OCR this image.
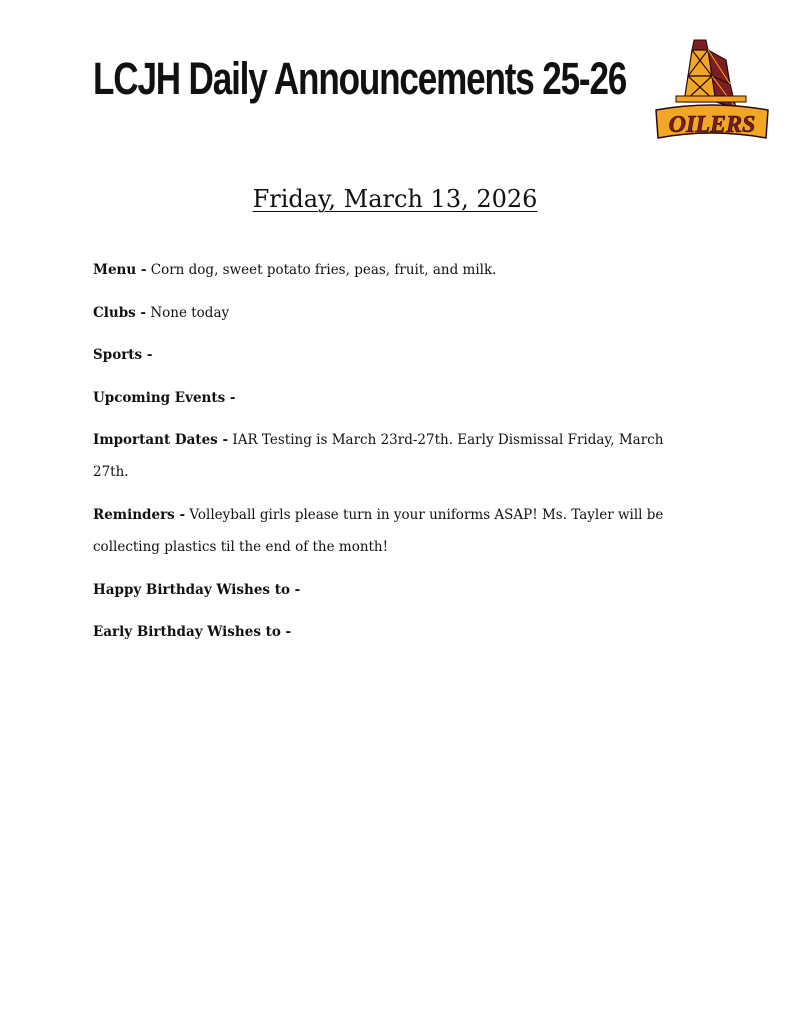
LCJH Daily Announcements 25-26
OILERS
Friday, March 13, 2026

Menu - Corn dog, sweet potato fries, peas, fruit, and milk.

Clubs - None today

Sports -

Upcoming Events -

Important Dates - IAR Testing is March 23rd-27th. Early Dismissal Friday, March 27th.

Reminders - Volleyball girls please turn in your uniforms ASAP! Ms. Tayler will be collecting plastics til the end of the month!

Happy Birthday Wishes to -

Early Birthday Wishes to -
